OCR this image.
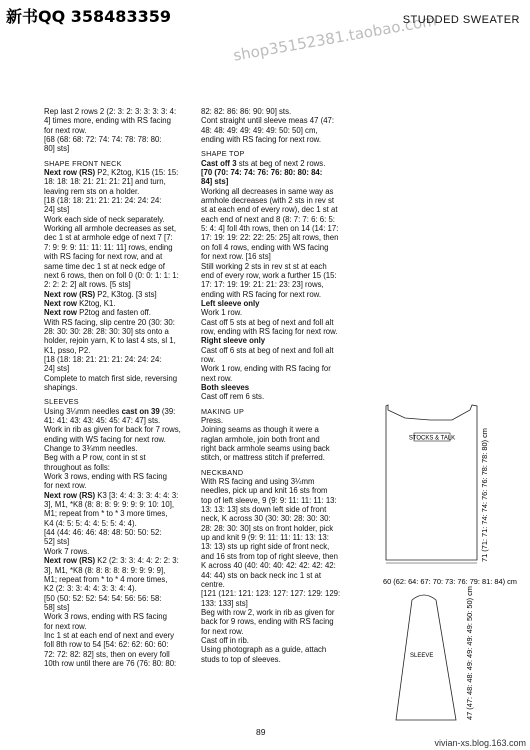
新书QQ 358483359	shop35152381.taobao.com
STUDDED SWEATER

Rep last 2 rows 2 (2: 3: 2: 3: 3: 3: 3: 4:

4] times more, ending with RS facing

for next row.

[68 (68: 68: 72: 74: 74: 78: 78: 80:

80] sts]

SHAPE FRONT NECK

Next row (RS) P2, K2tog, K15 (15: 15:

18: 18: 18: 21: 21: 21: 21] and turn,

leaving rem sts on a holder.

[18 (18: 18: 21: 21: 21: 24: 24: 24:

24] sts]

Work each side of neck separately.

Working all armhole decreases as set,

dec 1 st at armhole edge of next 7 [7:

7: 9: 9: 9: 11: 11: 11: 11] rows, ending

with RS facing for next row, and at

same time dec 1 st at neck edge of

next 6 rows, then on foll 0 (0: 0: 1: 1: 1:

2: 2: 2: 2] alt rows. [5 sts]

Next row (RS) P2, K3tog. [3 sts]

Next row K2tog, K1.

Next row P2tog and fasten off.

With RS facing, slip centre 20 (30: 30:

28: 30: 30: 28: 28: 30: 30] sts onto a

holder, rejoin yarn, K to last 4 sts, sl 1,

K1, psso, P2.

[18 (18: 18: 21: 21: 21: 24: 24: 24:

24] sts]

Complete to match first side, reversing

shapings.

SLEEVES

Using 3¼mm needles cast on 39 (39:

41: 41: 43: 43: 45: 45: 47: 47] sts.

Work in rib as given for back for 7 rows,

ending with WS facing for next row.

Change to 3¾mm needles.

Beg with a P row, cont in st st

throughout as folls:

Work 3 rows, ending with RS facing

for next row.

Next row (RS) K3 [3: 4: 4: 3: 3: 4: 4: 3:

3], M1, *K8 (8: 8: 8: 9: 9: 9: 9: 10: 10],

M1; repeat from * to * 3 more times,

K4 (4: 5: 5: 4: 4: 5: 5: 4: 4).

[44 (44: 46: 46: 48: 48: 50: 50: 52:

52] sts]

Work 7 rows.

Next row (RS) K2 (2: 3: 3: 4: 4: 2: 2: 3:

3], M1, *K8 (8: 8: 8: 8: 8: 9: 9: 9: 9],

M1; repeat from * to * 4 more times,

K2 (2: 3: 3: 4: 4: 3: 3: 4: 4).

[50 (50: 52: 52: 54: 54: 56: 56: 58:

58] sts]

Work 3 rows, ending with RS facing

for next row.

Inc 1 st at each end of next and every

foll 8th row to 54 [54: 62: 62: 60: 60:

72: 72: 82: 82] sts, then on every foll

10th row until there are 76 (76: 80: 80:

82: 82: 86: 86: 90: 90] sts.

Cont straight until sleeve meas 47 (47:

48: 48: 49: 49: 49: 49: 50: 50] cm,

ending with RS facing for next row.

SHAPE TOP

Cast off 3 sts at beg of next 2 rows.

[70 (70: 74: 74: 76: 76: 80: 80: 84:

84] sts]

Working all decreases in same way as

armhole decreases (with 2 sts in rev st

st at each end of every row), dec 1 st at

each end of next and 8 (8: 7: 7: 6: 6: 5:

5: 4: 4] foll 4th rows, then on 14 (14: 17:

17: 19: 19: 22: 22: 25: 25] alt rows, then

on foll 4 rows, ending with WS facing

for next row. [16 sts]

Still working 2 sts in rev st st at each

end of every row, work a further 15 (15:

17: 17: 19: 19: 21: 21: 23: 23] rows,

ending with RS facing for next row.

Left sleeve only

Work 1 row.

Cast off 5 sts at beg of next and foll alt

row, ending with RS facing for next row.

Right sleeve only

Cast off 6 sts at beg of next and foll alt

row.

Work 1 row, ending with RS facing for

next row.

Both sleeves

Cast off rem 6 sts.

MAKING UP

Press.

Joining seams as though it were a

raglan armhole, join both front and

right back armhole seams using back

stitch, or mattress stitch if preferred.

NECKBAND

With RS facing and using 3¼mm

needles, pick up and knit 16 sts from

top of left sleeve, 9 (9: 9: 11: 11: 11: 13:

13: 13: 13] sts down left side of front

neck, K across 30 (30: 30: 28: 30: 30:

28: 28: 30: 30] sts on front holder, pick

up and knit 9 (9: 9: 11: 11: 11: 13: 13:

13: 13) sts up right side of front neck,

and 16 sts from top of right sleeve, then

K across 40 (40: 40: 40: 42: 42: 42: 42:

44: 44) sts on back neck inc 1 st at

centre.

[121 (121: 121: 123: 127: 127: 129: 129:

133: 133] sts]

Beg with row 2, work in rib as given for

back for 9 rows, ending with RS facing

for next row.

Cast off in rib.

Using photograph as a guide, attach

studs to top of sleeves.

STOCKS & TALK
60 (62: 64: 67: 70: 73: 76: 79: 81: 84) cm
71 (71: 71: 74: 74: 76: 76: 78: 78: 80) cm
SLEEVE	47 (47: 48: 48: 49: 49: 49: 49: 50: 50) cm
89
vivian-xs.blog.163.com
